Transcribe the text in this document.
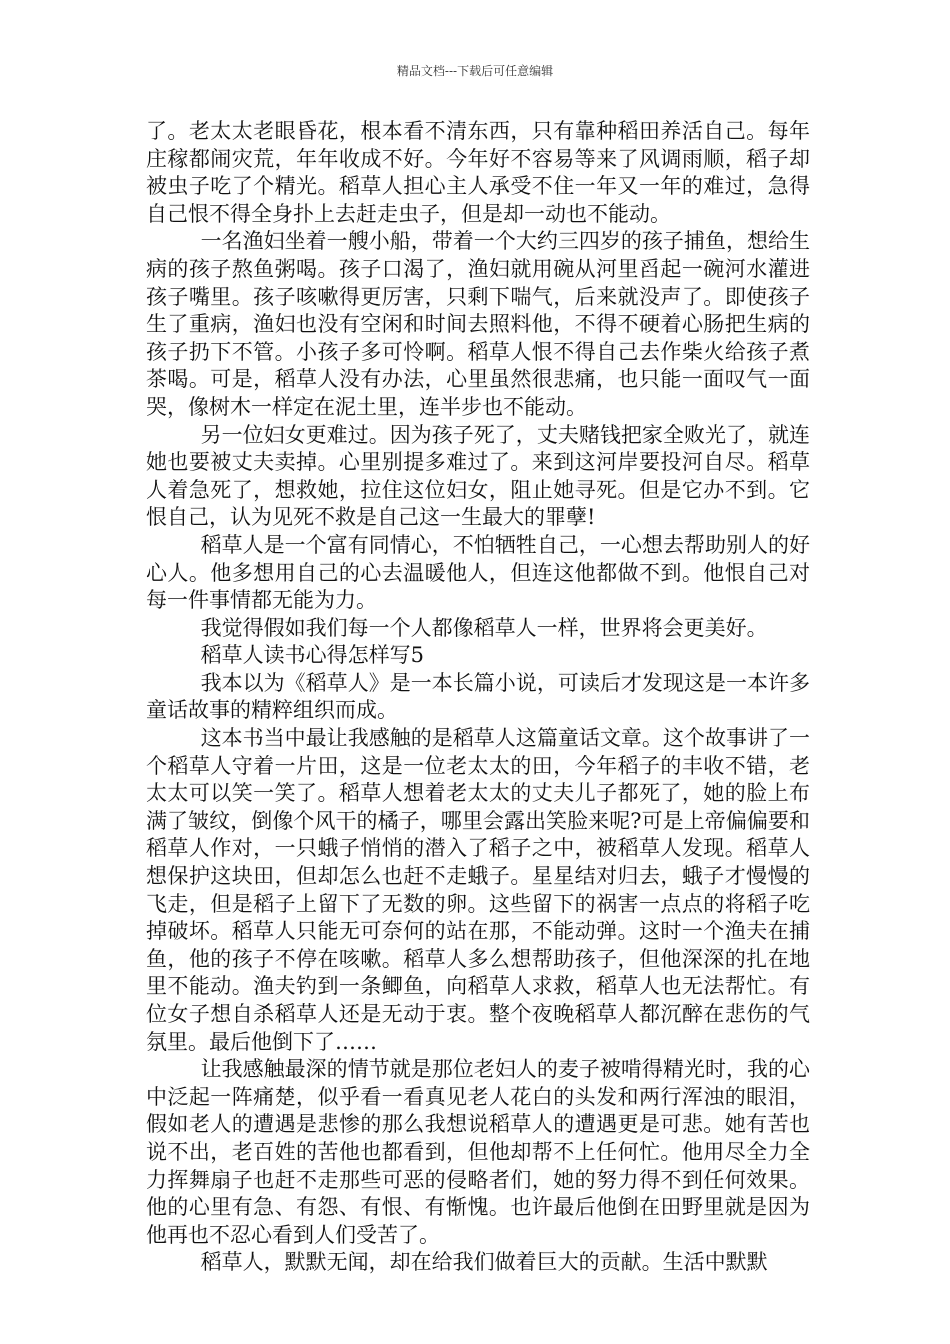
精品文档---下载后可任意编辑

了。老太太老眼昏花，根本看不清东西，只有靠种稻田养活自己。每年庄稼都闹灾荒，年年收成不好。今年好不容易等来了风调雨顺，稻子却被虫子吃了个精光。稻草人担心主人承受不住一年又一年的难过，急得自己恨不得全身扑上去赶走虫子，但是却一动也不能动。

一名渔妇坐着一艘小船，带着一个大约三四岁的孩子捕鱼，想给生病的孩子熬鱼粥喝。孩子口渴了，渔妇就用碗从河里舀起一碗河水灌进孩子嘴里。孩子咳嗽得更厉害，只剩下喘气，后来就没声了。即使孩子生了重病，渔妇也没有空闲和时间去照料他，不得不硬着心肠把生病的孩子扔下不管。小孩子多可怜啊。稻草人恨不得自己去作柴火给孩子煮茶喝。可是，稻草人没有办法，心里虽然很悲痛，也只能一面叹气一面哭，像树木一样定在泥土里，连半步也不能动。

另一位妇女更难过。因为孩子死了，丈夫赌钱把家全败光了，就连她也要被丈夫卖掉。心里别提多难过了。来到这河岸要投河自尽。稻草人着急死了，想救她，拉住这位妇女，阻止她寻死。但是它办不到。它恨自己，认为见死不救是自己这一生最大的罪孽!

稻草人是一个富有同情心，不怕牺牲自己，一心想去帮助别人的好心人。他多想用自己的心去温暖他人，但连这他都做不到。他恨自己对每一件事情都无能为力。

我觉得假如我们每一个人都像稻草人一样，世界将会更美好。

稻草人读书心得怎样写5

我本以为《稻草人》是一本长篇小说，可读后才发现这是一本许多童话故事的精粹组织而成。

这本书当中最让我感触的是稻草人这篇童话文章。这个故事讲了一个稻草人守着一片田，这是一位老太太的田，今年稻子的丰收不错，老太太可以笑一笑了。稻草人想着老太太的丈夫儿子都死了，她的脸上布满了皱纹，倒像个风干的橘子，哪里会露出笑脸来呢?可是上帝偏偏要和稻草人作对，一只蛾子悄悄的潜入了稻子之中，被稻草人发现。稻草人想保护这块田，但却怎么也赶不走蛾子。星星结对归去，蛾子才慢慢的飞走，但是稻子上留下了无数的卵。这些留下的祸害一点点的将稻子吃掉破坏。稻草人只能无可奈何的站在那，不能动弹。这时一个渔夫在捕鱼，他的孩子不停在咳嗽。稻草人多么想帮助孩子，但他深深的扎在地里不能动。渔夫钓到一条鲫鱼，向稻草人求救，稻草人也无法帮忙。有位女子想自杀稻草人还是无动于衷。整个夜晚稻草人都沉醉在悲伤的气氛里。最后他倒下了……

让我感触最深的情节就是那位老妇人的麦子被啃得精光时，我的心中泛起一阵痛楚，似乎看一看真见老人花白的头发和两行浑浊的眼泪，假如老人的遭遇是悲惨的那么我想说稻草人的遭遇更是可悲。她有苦也说不出，老百姓的苦他也都看到，但他却帮不上任何忙。他用尽全力全力挥舞扇子也赶不走那些可恶的侵略者们，她的努力得不到任何效果。他的心里有急、有怨、有恨、有惭愧。也许最后他倒在田野里就是因为他再也不忍心看到人们受苦了。

稻草人，默默无闻，却在给我们做着巨大的贡献。生活中默默
